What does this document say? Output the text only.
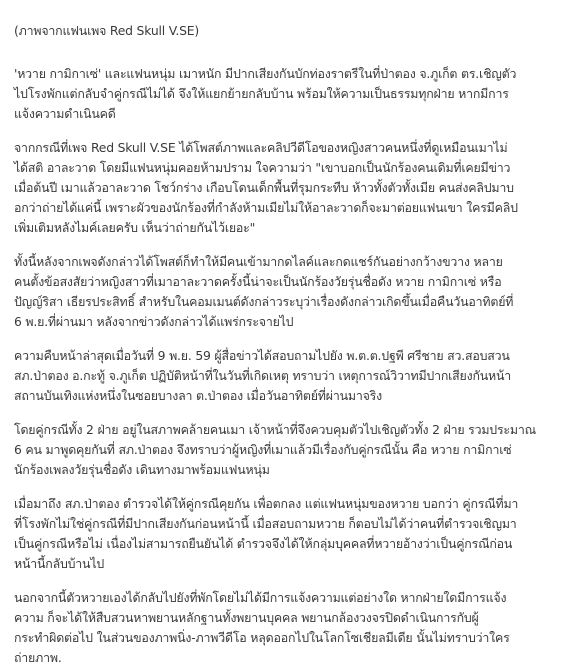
(ภาพจากแฟนเพจ Red Skull V.SE)

'หวาย กามิกาเซ่' และแฟนหนุ่ม เมาหนัก มีปากเสียงกันบักท่องราตรีในที่ป่าตอง จ.ภูเก็ต ตร.เชิญตัว
ไปโรงพักแต่กลับจำคู่กรณีไม่ได้ จึงให้แยกย้ายกลับบ้าน พร้อมให้ความเป็นธรรมทุกฝ่าย หากมีการ
แจ้งความดำเนินคดี

จากกรณีที่เพจ Red Skull V.SE ได้โพสต์ภาพและคลิปวีดีโอของหญิงสาวคนหนึ่งที่ดูเหมือนเมาไม่
ได้สติ อาละวาด โดยมีแฟนหนุ่มคอยห้ามปราม ใจความว่า "เขาบอกเป็นนักร้องคนเดิมที่เคยมีข่าว
เมื่อต้นปี เมาแล้วอาละวาด โชว์กร่าง เกือบโดนเด็กพื้นที่รุมกระทืบ ห้าวทั้งตัวทั้งเมีย คนส่งคลิปมาบ
อกว่าถ่ายได้แค่นี้ เพราะผัวของนักร้องที่กำลังห้ามเมียไม่ให้อาละวาดก็จะมาต่อยแฟนเขา ใครมีคลิป
เพิ่มเติมหลังไมค์เลยครับ เห็นว่าถ่ายกันไว้เยอะ"

ทั้งนี้หลังจากเพจดังกล่าวได้โพสต์ก็ทำให้มีคนเข้ามากดไลค์และกดแชร์กันอย่างกว้างขวาง หลาย
คนตั้งข้อสงสัยว่าหญิงสาวที่เมาอาละวาดครั้งนี้น่าจะเป็นนักร้องวัยรุ่นชื่อดัง หวาย กามิกาเซ่ หรือ
ปัญญ์ริสา เธียรประสิทธิ์ สำหรับในคอมเมนต์ดังกล่าวระบุว่าเรื่องดังกล่าวเกิดขึ้นเมื่อคืนวันอาทิตย์ที่
6 พ.ย.ที่ผ่านมา หลังจากข่าวดังกล่าวได้แพร่กระจายไป

ความคืบหน้าล่าสุดเมื่อวันที่ 9 พ.ย. 59 ผู้สื่อข่าวได้สอบถามไปยัง พ.ต.ต.ปฐพี ศรีชาย สว.สอบสวน
สภ.ป่าตอง อ.กะทู้ จ.ภูเก็ต ปฏิบัติหน้าที่ในวันที่เกิดเหตุ ทราบว่า เหตุการณ์วิวาทมีปากเสียงกันหน้า
สถานบันเทิงแห่งหนึ่งในซอยบางลา ต.ป่าตอง เมื่อวันอาทิตย์ที่ผ่านมาจริง

โดยคู่กรณีทั้ง 2 ฝ่าย อยู่ในสภาพคล้ายคนเมา เจ้าหน้าที่จึงควบคุมตัวไปเชิญตัวทั้ง 2 ฝ่าย รวมประมาณ
6 คน มาพูดคุยกันที่ สภ.ป่าตอง จึงทราบว่าผู้หญิงที่เมาแล้วมีเรื่องกับคู่กรณีนั้น คือ หวาย กามิกาเซ่
นักร้องเพลงวัยรุ่นชื่อดัง เดินทางมาพร้อมแฟนหนุ่ม

เมื่อมาถึง สภ.ป่าตอง ตำรวจได้ให้คู่กรณีคุยกัน เพื่อตกลง แต่แฟนหนุ่มของหวาย บอกว่า คู่กรณีที่มา
ที่โรงพักไม่ใช่คู่กรณีที่มีปากเสียงกันก่อนหน้านี้ เมื่อสอบถามหวาย ก็ตอบไม่ได้ว่าคนที่ตำรวจเชิญมา
เป็นคู่กรณีหรือไม่ เนื่องไม่สามารถยืนยันได้ ตำรวจจึงได้ให้กลุ่มบุคคลที่หวายอ้างว่าเป็นคู่กรณีก่อน
หน้านี้กลับบ้านไป

นอกจากนี้ตัวหวายเองได้กลับไปยังที่พักโดยไม่ได้มีการแจ้งความแต่อย่างใด หากฝ่ายใดมีการแจ้ง
ความ ก็จะได้ให้สืบสวนหาพยานหลักฐานทั้งพยานบุคคล พยานกล้องวงจรปิดดำเนินการกับผู้
กระทำผิดต่อไป ในส่วนของภาพนิ่ง-ภาพวีดีโอ หลุดออกไปในโลกโซเชียลมีเดีย นั้นไม่ทราบว่าใคร
ถ่ายภาพ.
